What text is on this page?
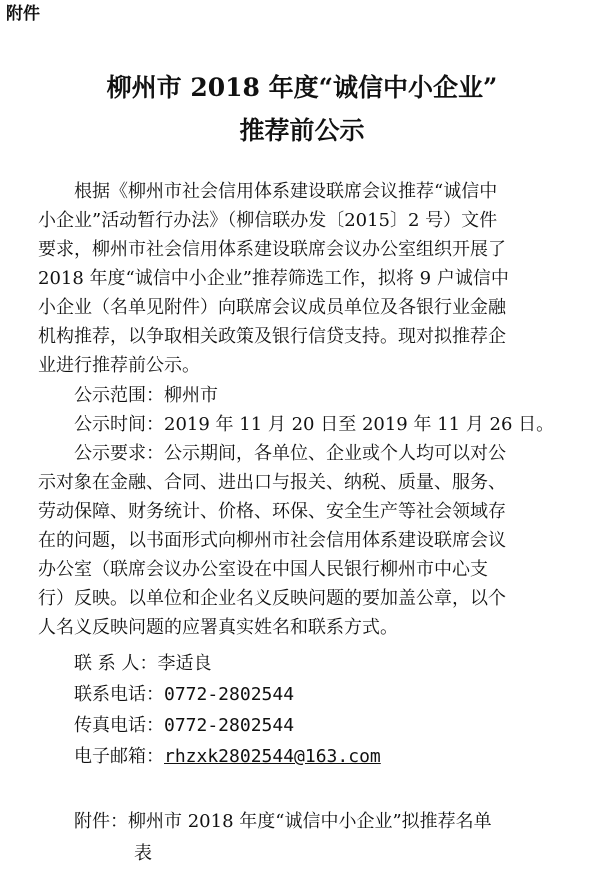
附件
柳州市 2018 年度“诚信中小企业”
推荐前公示
根据《柳州市社会信用体系建设联席会议推荐“诚信中
小企业”活动暂行办法》（柳信联办发〔2015〕2 号）文件
要求，柳州市社会信用体系建设联席会议办公室组织开展了
2018 年度“诚信中小企业”推荐筛选工作，拟将 9 户诚信中
小企业（名单见附件）向联席会议成员单位及各银行业金融
机构推荐，以争取相关政策及银行信贷支持。现对拟推荐企
业进行推荐前公示。
公示范围：柳州市
公示时间：2019 年 11 月 20 日至 2019 年 11 月 26 日。
公示要求：公示期间，各单位、企业或个人均可以对公
示对象在金融、合同、进出口与报关、纳税、质量、服务、
劳动保障、财务统计、价格、环保、安全生产等社会领域存
在的问题，以书面形式向柳州市社会信用体系建设联席会议
办公室（联席会议办公室设在中国人民银行柳州市中心支
行）反映。以单位和企业名义反映问题的要加盖公章，以个
人名义反映问题的应署真实姓名和联系方式。
联 系 人：李适良
联系电话：0772-2802544
传真电话：0772-2802544
电子邮箱：rhzxk2802544@163.com
附件：柳州市 2018 年度“诚信中小企业”拟推荐名单
表
